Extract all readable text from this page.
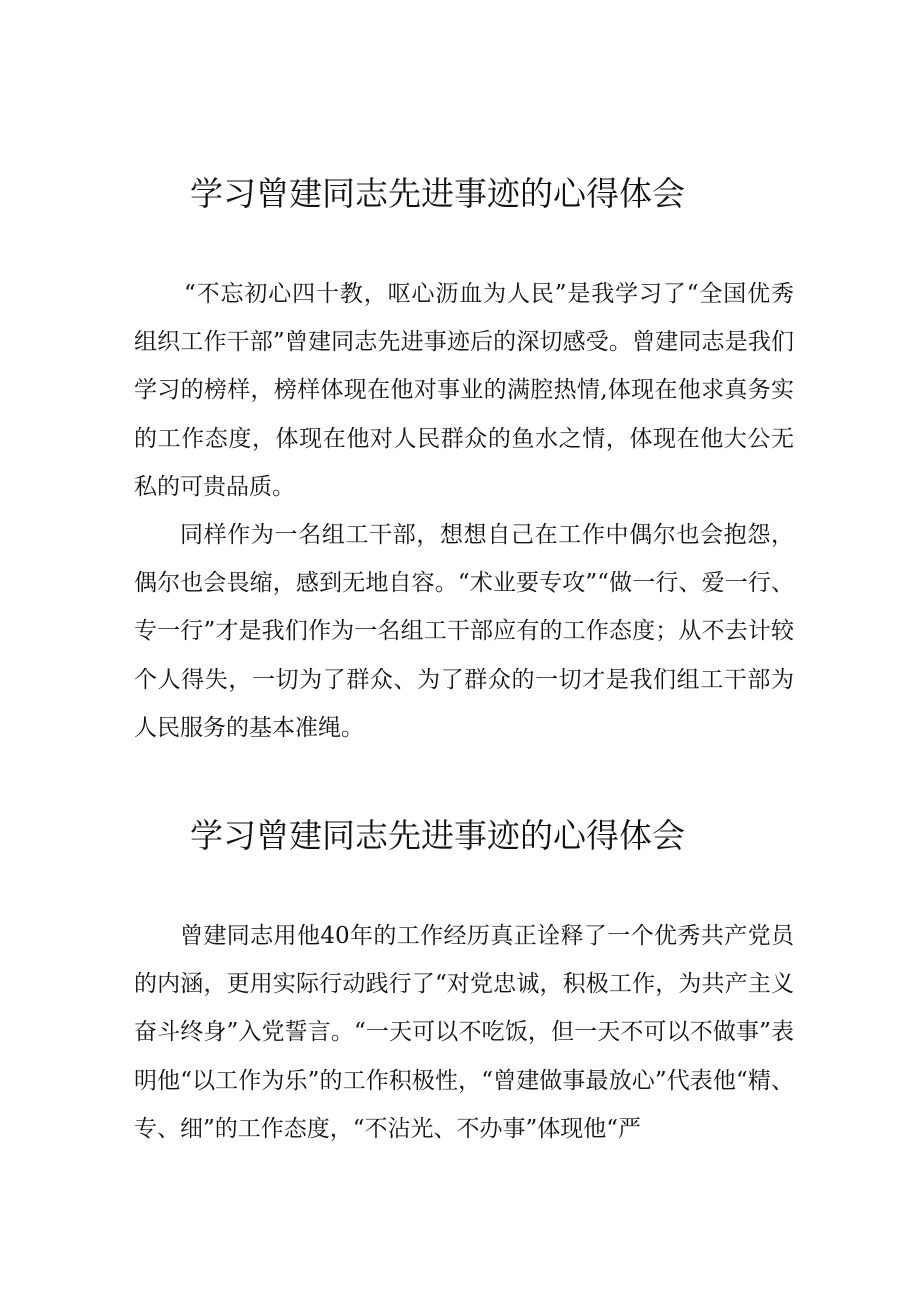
学习曾建同志先进事迹的心得体会

“不忘初心四十教，呕心沥血为人民”是我学习了“全国优秀组织工作干部”曾建同志先进事迹后的深切感受。曾建同志是我们学习的榜样，榜样体现在他对事业的满腔热情,体现在他求真务实的工作态度，体现在他对人民群众的鱼水之情，体现在他大公无私的可贵品质。

同样作为一名组工干部，想想自己在工作中偶尔也会抱怨，偶尔也会畏缩，感到无地自容。“术业要专攻”“做一行、爱一行、专一行”才是我们作为一名组工干部应有的工作态度；从不去计较个人得失，一切为了群众、为了群众的一切才是我们组工干部为人民服务的基本准绳。

学习曾建同志先进事迹的心得体会

曾建同志用他40年的工作经历真正诠释了一个优秀共产党员的内涵，更用实际行动践行了“对党忠诚，积极工作，为共产主义奋斗终身”入党誓言。“一天可以不吃饭，但一天不可以不做事”表明他“以工作为乐”的工作积极性，“曾建做事最放心”代表他“精、专、细”的工作态度，“不沾光、不办事”体现他“严
